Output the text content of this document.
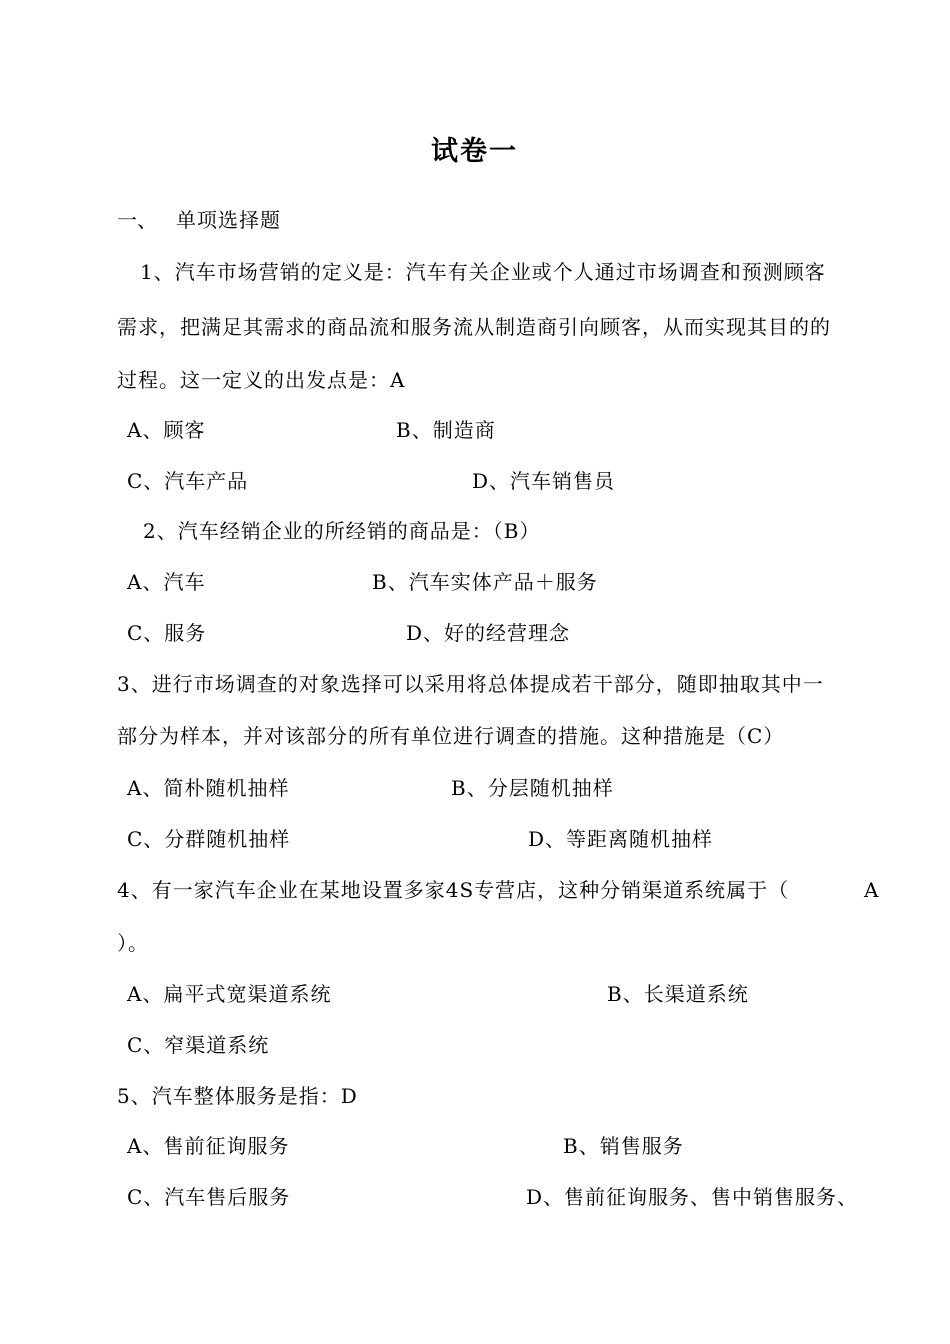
试卷一
一、 单项选择题
1、汽车市场营销的定义是：汽车有关企业或个人通过市场调查和预测顾客
需求，把满足其需求的商品流和服务流从制造商引向顾客，从而实现其目的的
过程。这一定义的出发点是：A
A、顾客	B、制造商
C、汽车产品	D、汽车销售员
2、汽车经销企业的所经销的商品是：（B）
A、汽车	B、汽车实体产品＋服务
C、服务	D、好的经营理念
3、进行市场调查的对象选择可以采用将总体提成若干部分，随即抽取其中一
部分为样本，并对该部分的所有单位进行调查的措施。这种措施是（C）
A、简朴随机抽样	B、分层随机抽样
C、分群随机抽样	D、等距离随机抽样
4、有一家汽车企业在某地设置多家4S专营店，这种分销渠道系统属于（	A
）。
A、扁平式宽渠道系统	B、长渠道系统
C、窄渠道系统
5、汽车整体服务是指：D
A、售前征询服务	B、销售服务
C、汽车售后服务	D、售前征询服务、售中销售服务、
